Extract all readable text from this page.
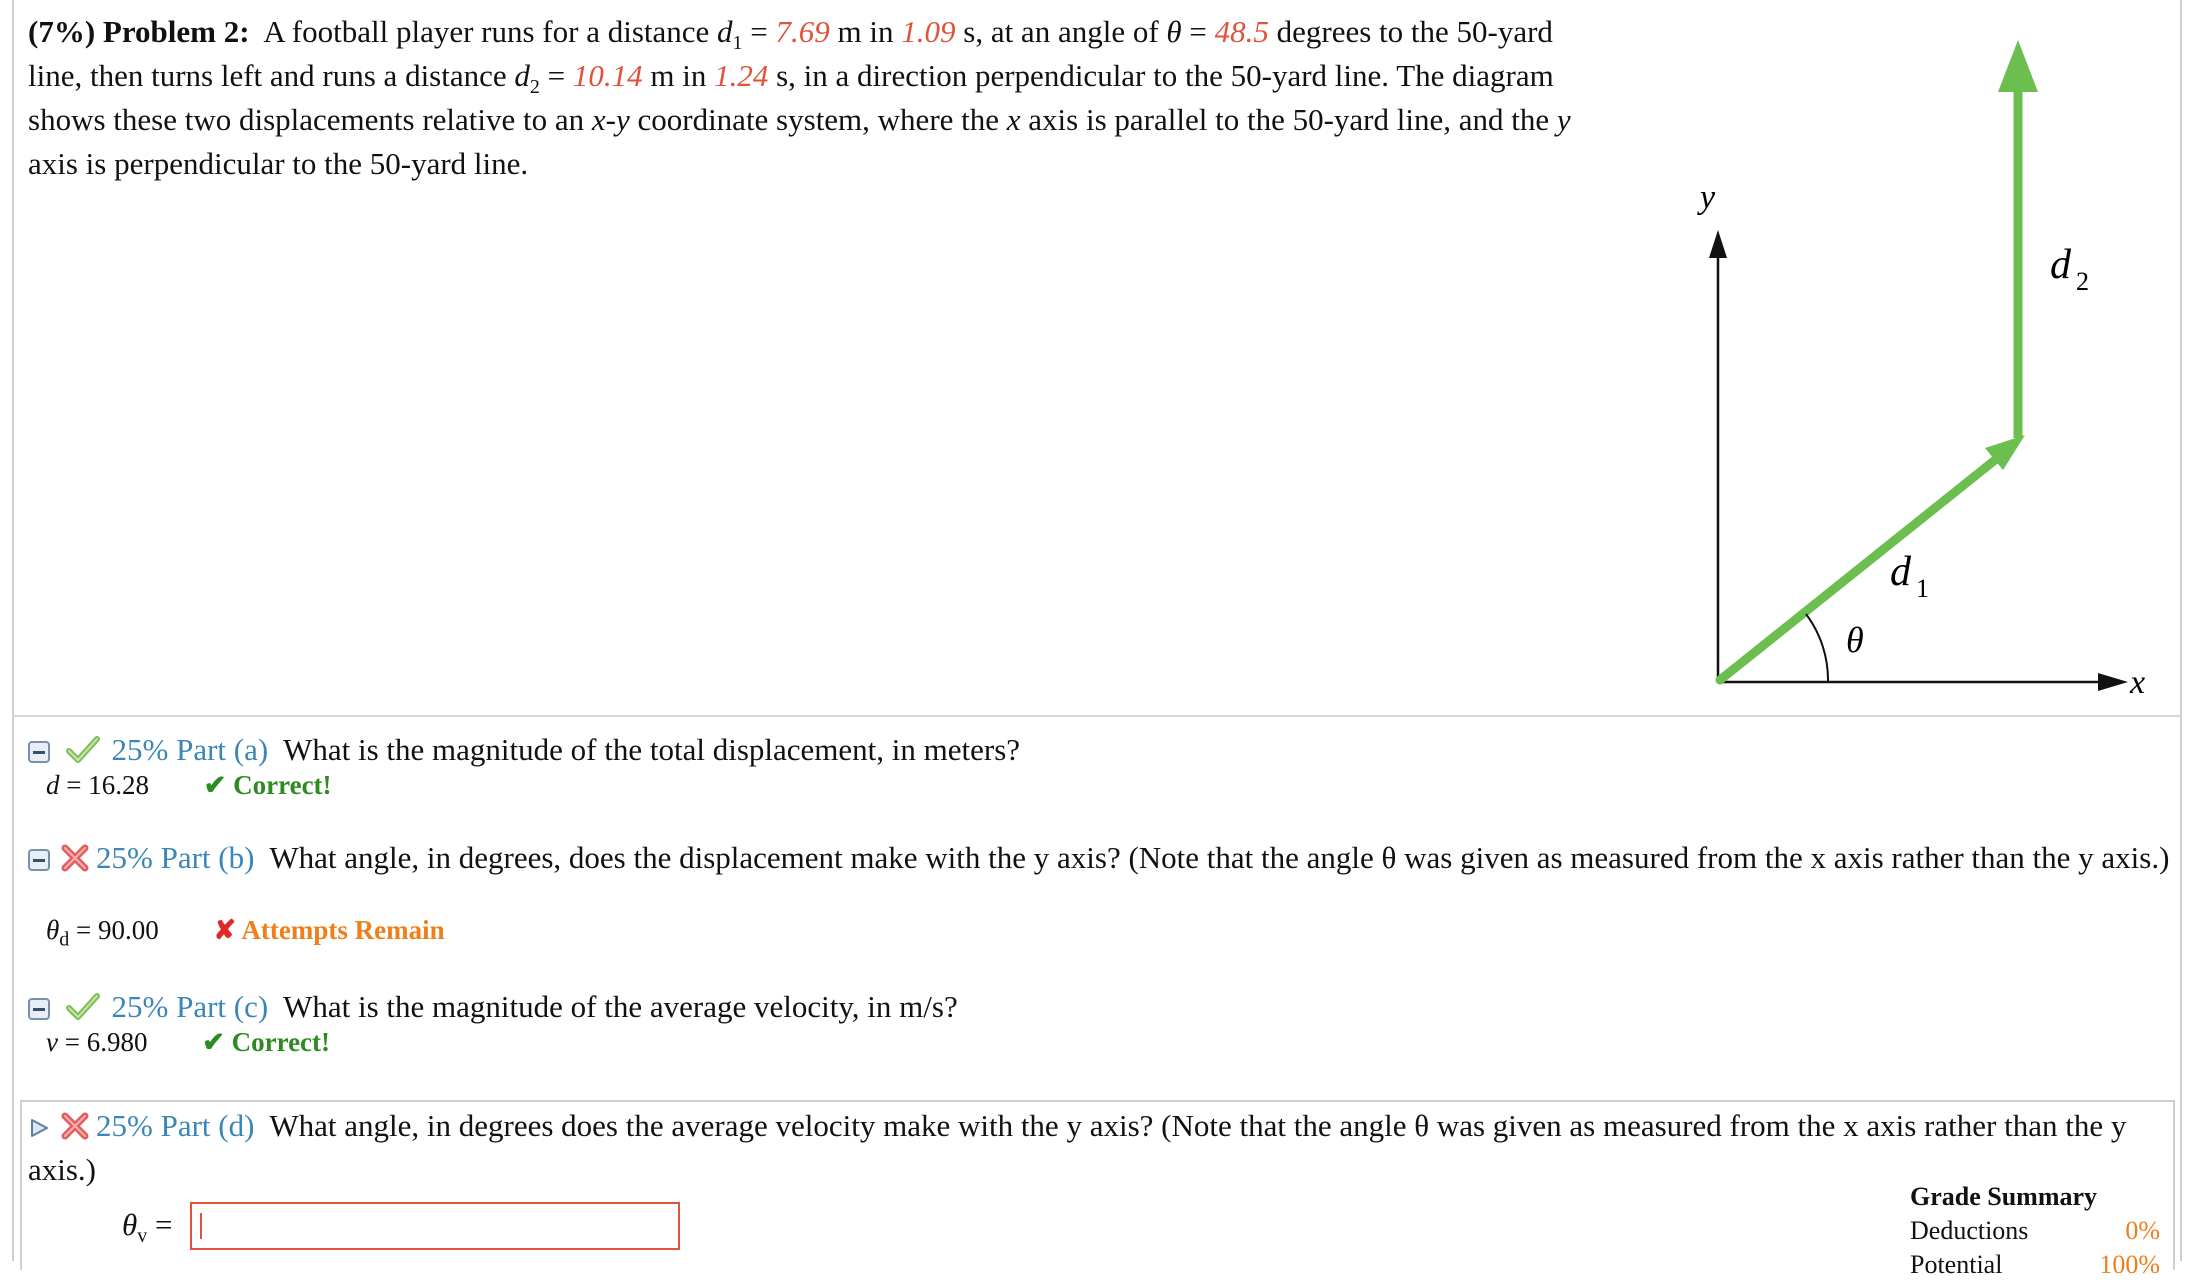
(7%) Problem 2: A football player runs for a distance $d_1 = 7.69$ m in 1.09 s, at an angle of θ = 48.5 degrees to the 50-yard line, then turns left and runs a distance $d_2 = 10.14$ m in 1.24 s, in a direction perpendicular to the 50-yard line. The diagram shows these two displacements relative to an x-y coordinate system, where the x axis is parallel to the 50-yard line, and the y axis is perpendicular to the 50-yard line.
y
x
θ
d 1
d 2
25% Part (a) What is the magnitude of the total displacement, in meters?
d = 16.28 ✔ Correct!
25% Part (b) What angle, in degrees, does the displacement make with the y axis? (Note that the angle θ was given as measured from the x axis rather than the y axis.)
$\theta_d = 90.00$ ✘ Attempts Remain
25% Part (c) What is the magnitude of the average velocity, in m/s?
v = 6.980 ✔ Correct!
25% Part (d) What angle, in degrees does the average velocity make with the y axis? (Note that the angle θ was given as measured from the x axis rather than the y axis.)
$\theta_v$ =
Grade Summary
Deductions	0%
Potential	100%
